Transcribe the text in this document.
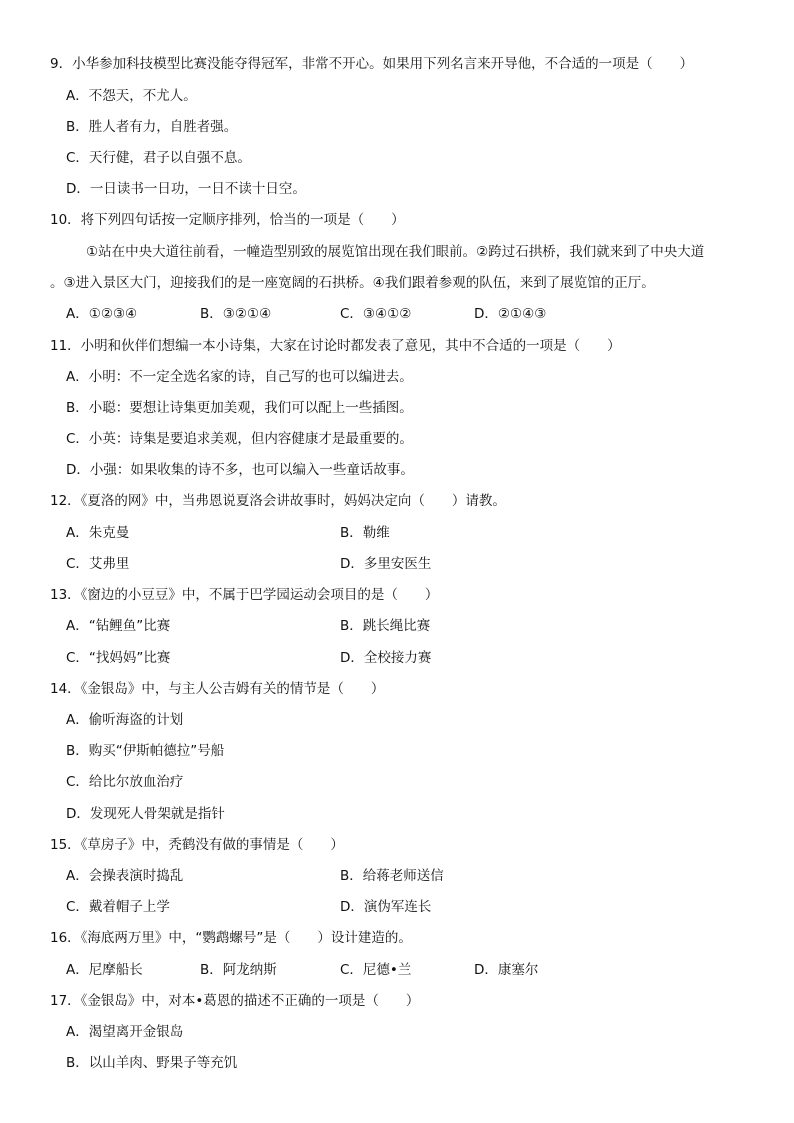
9．小华参加科技模型比赛没能夺得冠军，非常不开心。如果用下列名言来开导他，不合适的一项是（　　）
A．不怨天，不尤人。
B．胜人者有力，自胜者强。
C．天行健，君子以自强不息。
D．一日读书一日功，一日不读十日空。
10．将下列四句话按一定顺序排列，恰当的一项是（　　）
①站在中央大道往前看，一幢造型别致的展览馆出现在我们眼前。②跨过石拱桥，我们就来到了中央大道
。③进入景区大门，迎接我们的是一座宽阔的石拱桥。④我们跟着参观的队伍，来到了展览馆的正厅。
A．①②③④	B．③②①④	C．③④①②	D．②①④③
11．小明和伙伴们想编一本小诗集，大家在讨论时都发表了意见，其中不合适的一项是（　　）
A．小明：不一定全选名家的诗，自己写的也可以编进去。
B．小聪：要想让诗集更加美观，我们可以配上一些插图。
C．小英：诗集是要追求美观，但内容健康才是最重要的。
D．小强：如果收集的诗不多，也可以编入一些童话故事。
12．《夏洛的网》中，当弗恩说夏洛会讲故事时，妈妈决定向（　　）请教。
A．朱克曼	B．勒维
C．艾弗里	D．多里安医生
13．《窗边的小豆豆》中，不属于巴学园运动会项目的是（　　）
A．“钻鲤鱼”比赛	B．跳长绳比赛
C．“找妈妈”比赛	D．全校接力赛
14．《金银岛》中，与主人公吉姆有关的情节是（　　）
A．偷听海盗的计划
B．购买“伊斯帕德拉”号船
C．给比尔放血治疗
D．发现死人骨架就是指针
15．《草房子》中，秃鹤没有做的事情是（　　）
A．会操表演时捣乱	B．给蒋老师送信
C．戴着帽子上学	D．演伪军连长
16．《海底两万里》中，“鹦鹉螺号”是（　　）设计建造的。
A．尼摩船长	B．阿龙纳斯	C．尼德•兰	D．康塞尔
17．《金银岛》中，对本•葛恩的描述不正确的一项是（　　）
A．渴望离开金银岛
B．以山羊肉、野果子等充饥
